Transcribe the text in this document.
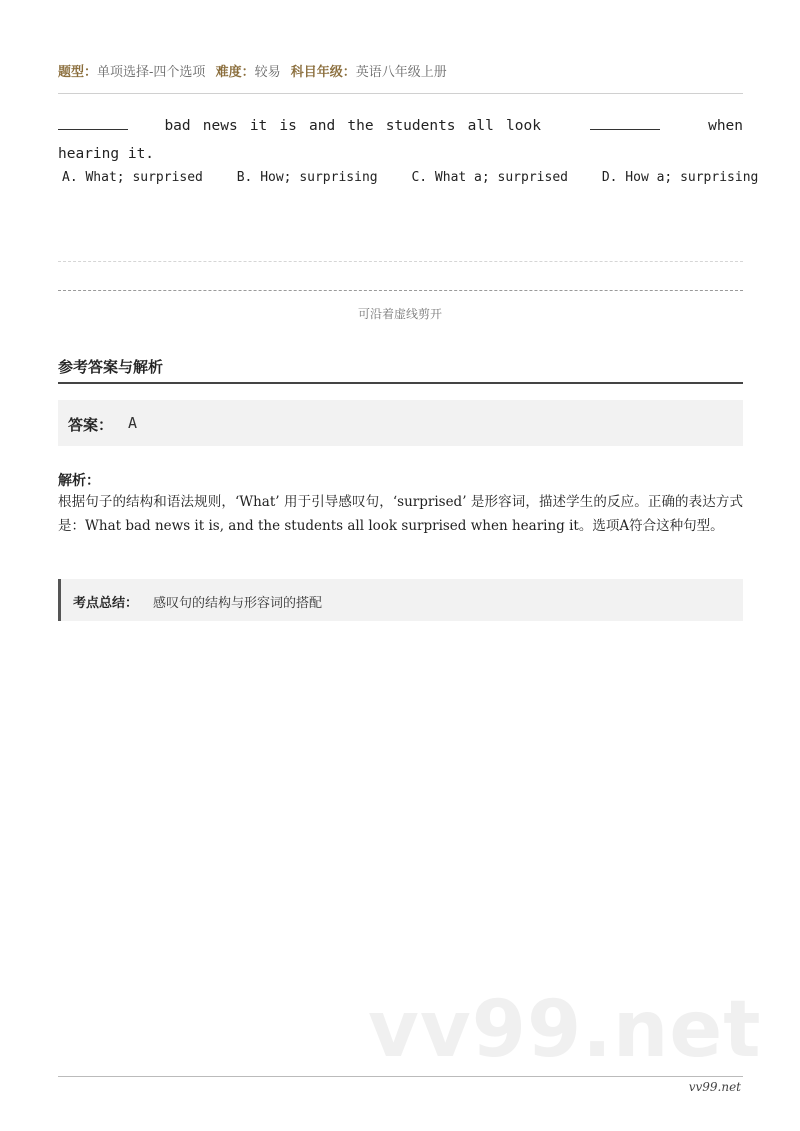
题型：单项选择-四个选项 难度：较易 科目年级：英语八年级上册
bad news it is and the students all look	when hearing it.
A. What; surprised	B. How; surprising	C. What a; surprised	D. How a; surprising
可沿着虚线剪开
参考答案与解析
答案： A
解析：
根据句子的结构和语法规则，‘What’ 用于引导感叹句，‘surprised’ 是形容词，描述学生的反应。正确的表达方式是：What bad news it is, and the students all look surprised when hearing it。选项A符合这种句型。
考点总结： 感叹句的结构与形容词的搭配
vv99.net
vv99.net
